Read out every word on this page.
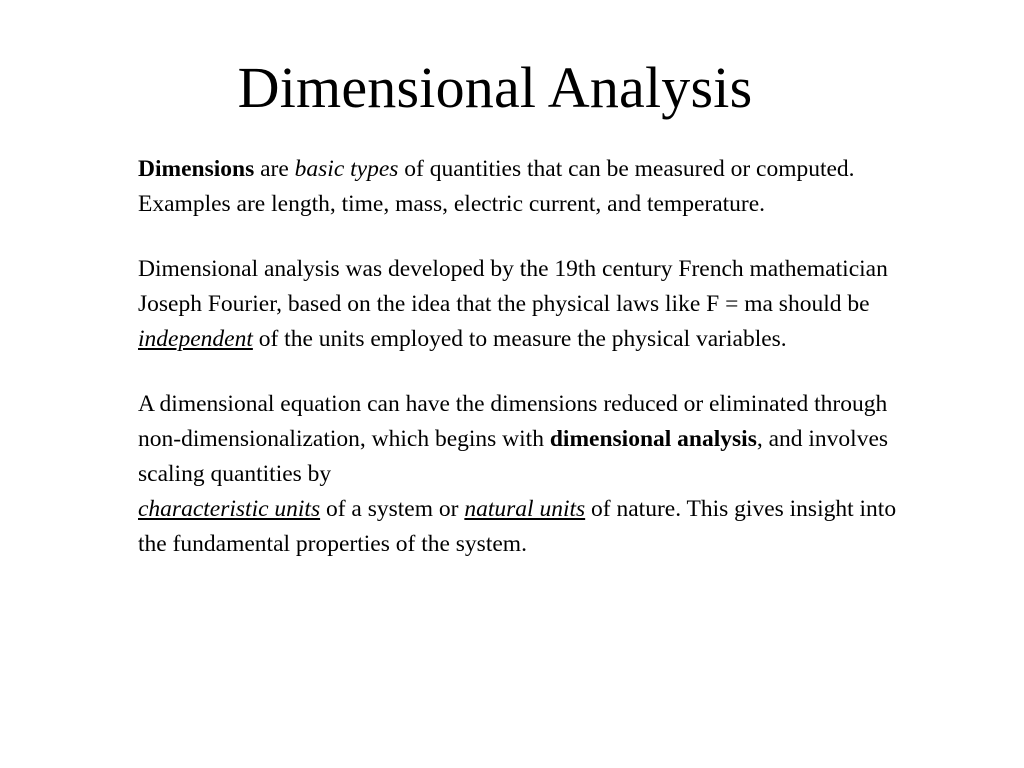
Dimensional Analysis

Dimensions are basic types of quantities that can be measured or computed. Examples are length, time, mass, electric current, and temperature.

Dimensional analysis was developed by the 19th century French mathematician Joseph Fourier, based on the idea that the physical laws like F = ma should be independent of the units employed to measure the physical variables.

A dimensional equation can have the dimensions reduced or eliminated through non-dimensionalization, which begins with dimensional analysis, and involves scaling quantities by
characteristic units of a system or natural units of nature. This gives insight into the fundamental properties of the system.
